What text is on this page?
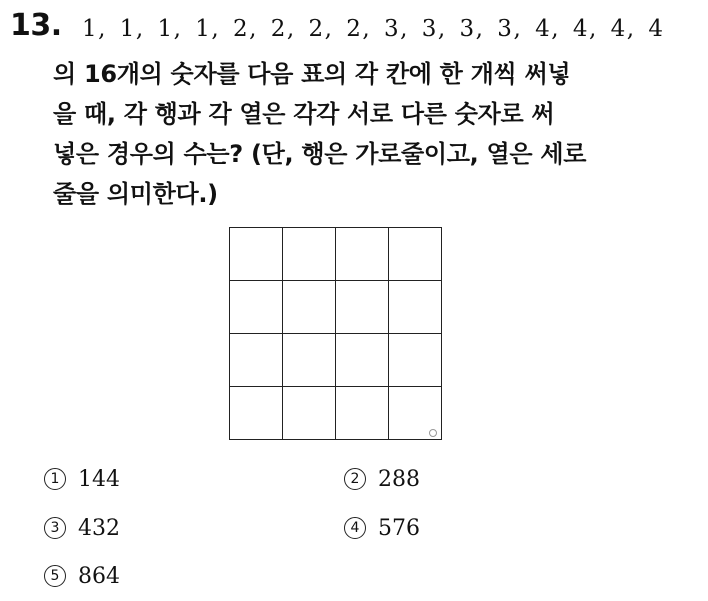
13. 1, 1, 1, 1, 2, 2, 2, 2, 3, 3, 3, 3, 4, 4, 4, 4
의 16개의 숫자를 다음 표의 각 칸에 한 개씩 써넣
을 때, 각 행과 각 열은 각각 서로 다른 숫자로 써
넣은 경우의 수는? (단, 행은 가로줄이고, 열은 세로
줄을 의미한다.)

1 144	2 288
3 432	4 576
5 864
